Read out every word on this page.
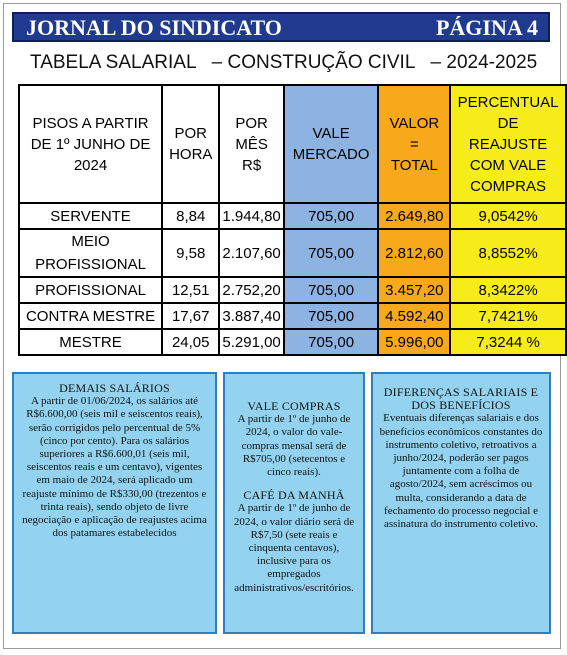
JORNAL DO SINDICATO	PÁGINA 4
TABELA SALARIAL   – CONSTRUÇÃO CIVIL   – 2024-2025
PISOS A PARTIR DE 1º JUNHO DE 2024	POR HORA	POR MÊS R$	VALE MERCADO	VALOR = TOTAL	PERCENTUAL DE REAJUSTE COM VALE COMPRAS

SERVENTE	8,84	1.944,80	705,00	2.649,80	9,0542%

MEIO PROFISSIONAL	9,58	2.107,60	705,00	2.812,60	8,8552%
PROFISSIONAL	12,51	2.752,20	705,00	3.457,20	8,3422%
CONTRA MESTRE	17,67	3.887,40	705,00	4.592,40	7,7421%
MESTRE	24,05	5.291,00	705,00	5.996,00	7,3244 %
DEMAIS SALÁRIOS
A partir de 01/06/2024, os salários até R$6.600,00 (seis mil e seiscentos reais), serão corrigidos pelo percentual de 5% (cinco por cento). Para os salários superiores a R$6.600,01 (seis mil, seiscentos reais e um centavo), vigentes em maio de 2024, será aplicado um reajuste mínimo de R$330,00 (trezentos e trinta reais), sendo objeto de livre negociação e aplicação de reajustes acima dos patamares estabelecidos
VALE COMPRAS
A partir de 1º de junho de 2024, o valor do vale-compras mensal será de R$705,00 (setecentos e cinco reais).
CAFÉ DA MANHÃ
A partir de 1º de junho de 2024, o valor diário será de R$7,50 (sete reais e cinquenta centavos), inclusive para os empregados administrativos/escritórios.
DIFERENÇAS SALARIAIS E DOS BENEFÍCIOS
Eventuais diferenças salariais e dos benefícios econômicos constantes do instrumento coletivo, retroativos a junho/2024, poderão ser pagos juntamente com a folha de agosto/2024, sem acréscimos ou multa, considerando a data de fechamento do processo negocial e assinatura do instrumento coletivo.
